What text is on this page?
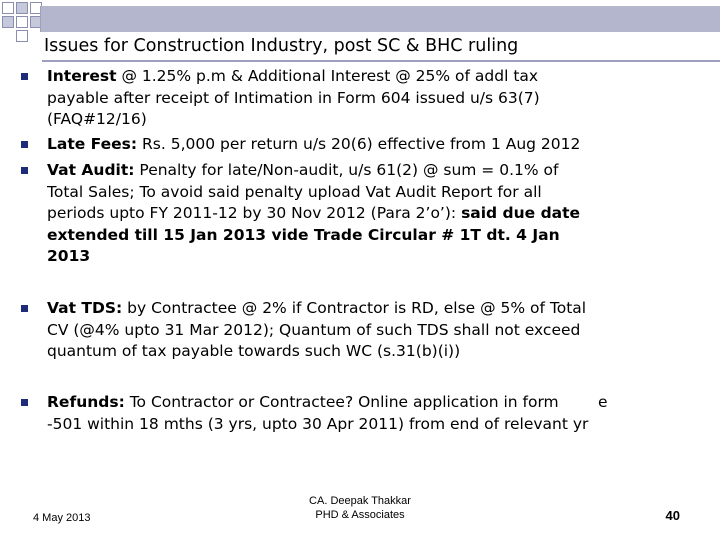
Issues for Construction Industry, post SC & BHC ruling
Interest @ 1.25% p.m & Additional Interest @ 25% of addl tax
payable after receipt of Intimation in Form 604 issued u/s 63(7)
(FAQ#12/16)
Late Fees: Rs. 5,000 per return u/s 20(6) effective from 1 Aug 2012
Vat Audit: Penalty for late/Non-audit, u/s 61(2) @ sum = 0.1% of
Total Sales; To avoid said penalty upload Vat Audit Report for all
periods upto FY 2011-12 by 30 Nov 2012 (Para 2’o’): said due date
extended till 15 Jan 2013 vide Trade Circular # 1T dt. 4 Jan
2013
Vat TDS: by Contractee @ 2% if Contractor is RD, else @ 5% of Total
CV (@4% upto 31 Mar 2012); Quantum of such TDS shall not exceed
quantum of tax payable towards such WC (s.31(b)(i))
Refunds: To Contractor or Contractee? Online application in form        e
-501 within 18 mths (3 yrs, upto 30 Apr 2011) from end of relevant yr
4 May 2013
CA. Deepak Thakkar
PHD & Associates	40
